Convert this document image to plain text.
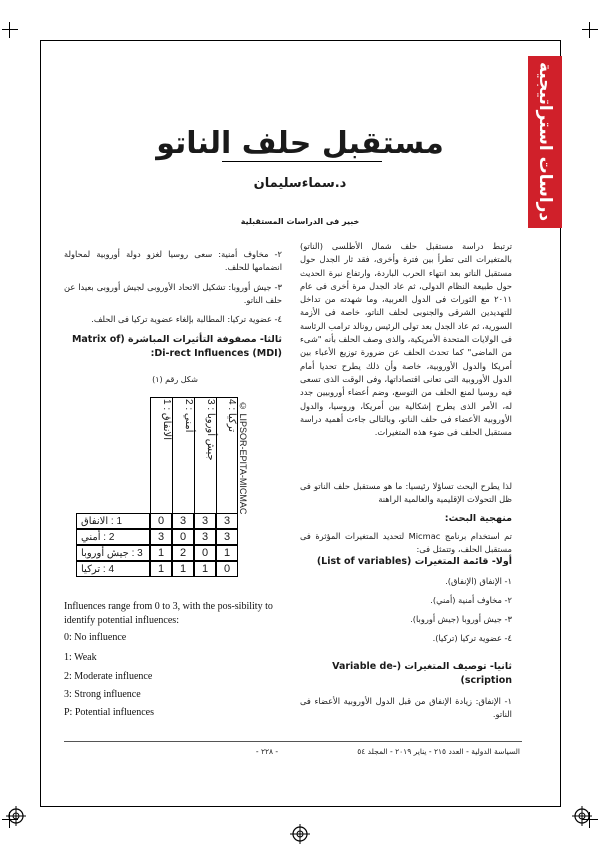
دراسات استراتيجية
مستقبل حلف الناتو
د.سماءسليمان
خبير فى الدراسات المستقبلية

ترتبط دراسة مستقبل حلف شمال الأطلسى (الناتو) بالمتغيرات التى تطرأ بين فترة وأخرى، فقد ثار الجدل حول مستقبل الناتو بعد انتهاء الحرب الباردة، وارتفاع نبرة الحديث حول طبيعة النظام الدولى، ثم عاد الجدل مرة أخرى فى عام ٢٠١١ مع الثورات فى الدول العربية، وما شهدته من تداخل للتهديدين الشرقى والجنوبى لحلف الناتو، خاصة فى الأزمة السورية، ثم عاد الجدل بعد تولى الرئيس رونالد ترامب الرئاسة فى الولايات المتحدة الأمريكية، والذى وصف الحلف بأنه "شىء من الماضى" كما تحدث الحلف عن ضرورة توزيع الأعباء بين أمريكا والدول الأوروبية، خاصة وأن ذلك يطرح تحديا أمام الدول الأوروبية التى تعانى اقتصاداتها، وفى الوقت الذى تسعى فيه روسيا لمنع الحلف من التوسع، وضم أعضاء أوروبيين جدد له، الأمر الذى يطرح إشكالية بين أمريكا، وروسيا، والدول الأوروبية الأعضاء فى حلف الناتو، وبالتالى جاءت أهمية دراسة مستقبل الحلف فى ضوء هذه المتغيرات.

لذا يطرح البحث تساؤلا رئيسيا: ما هو مستقبل حلف الناتو فى ظل التحولات الإقليمية والعالمية الراهنة

منهجية البحث:

تم استخدام برنامج Micmac لتحديد المتغيرات المؤثرة فى مستقبل الحلف، وتتمثل فى:

أولا- قائمة المتغيرات (List of variables)

١- الإنفاق (الإنفاق).

٢- مخاوف أمنية (أمني).

٣- جيش أوروبا (جيش أوروبا).

٤- عضوية تركيا (تركيا).

ثانيا- توصيف المتغيرات (Variable de-scription)

١- الإنفاق: زيادة الإنفاق من قبل الدول الأوروبية الأعضاء فى الناتو.

٢- مخاوف أمنية: سعى روسيا لغزو دولة أوروبية لمحاولة انضمامها للحلف.

٣- جيش أوروبا: تشكيل الاتحاد الأوروبى لجيش أوروبى بعيدا عن حلف الناتو.

٤- عضوية تركيا: المطالبة بإلغاء عضوية تركيا فى الحلف.

ثالثا- مصفوفة التأثيرات المباشرة (Matrix of Di-rect Influences (MDI):
شكل رقم (١)
1 : الانفاق
2 : أمني
3 : جيش أوروبا
4 : تركيا © LIPSOR-EPITA-MICMAC
1 : الانفاق	0	3	3	3
2 : أمني	3	0	3	3
3 : جيش أوروبا	1	2	0	1
4 : تركيا	1	1	1	0
Influences range from 0 to 3, with the pos-sibility to identify potential influences:
0: No influence
1: Weak
2: Moderate influence
3: Strong influence
P: Potential influences
السياسة الدولية - العدد ٢١٥ - يناير ٢٠١٩ - المجلد ٥٤
- ٢٢٨ -
